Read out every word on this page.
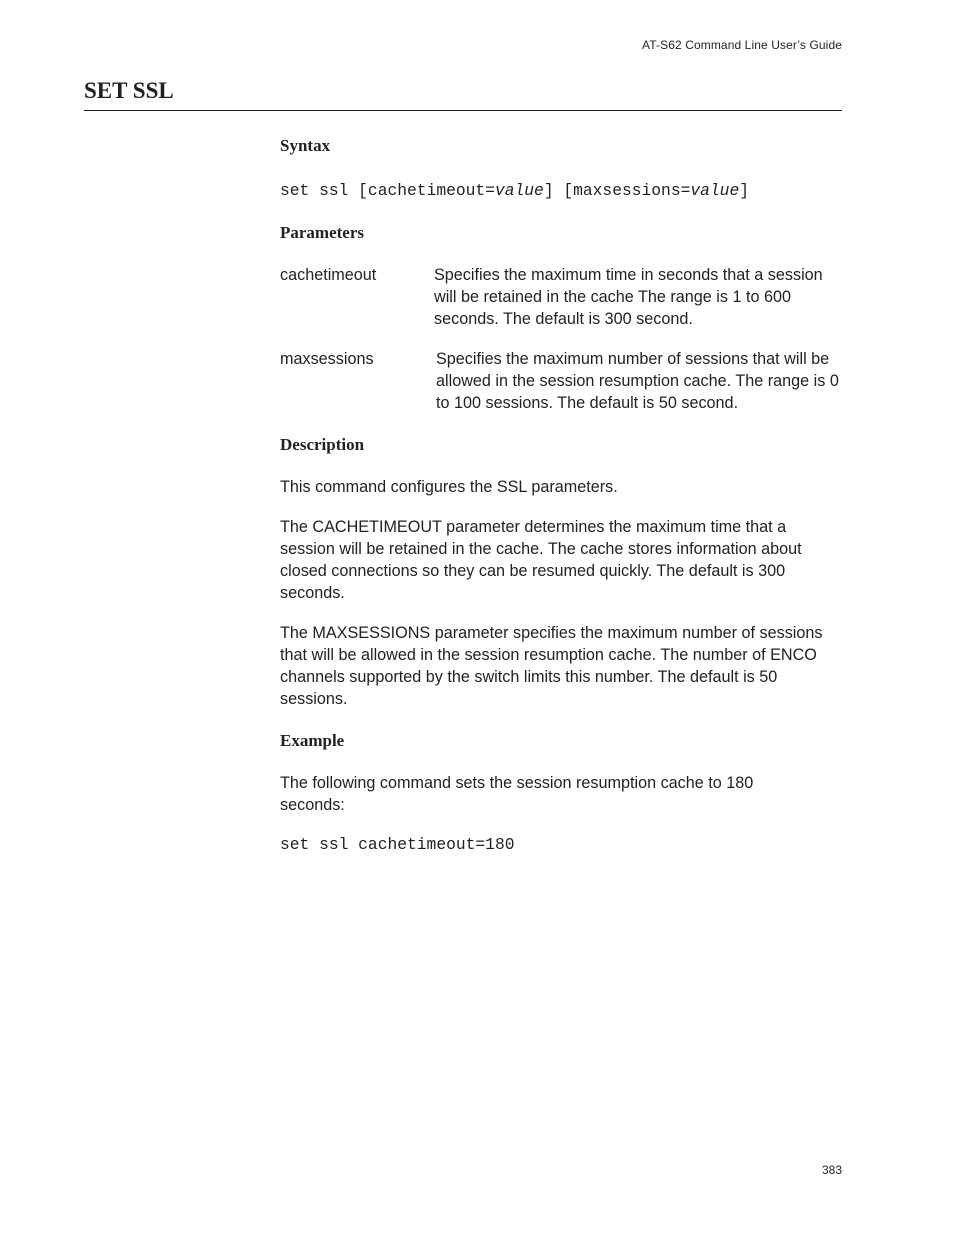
AT-S62 Command Line User’s Guide
SET SSL
Syntax

set ssl [cachetimeout=value] [maxsessions=value]

Parameters

cachetimeout	Specifies the maximum time in seconds that a session will be retained in the cache The range is 1 to 600 seconds. The default is 300 second.

maxsessions	Specifies the maximum number of sessions that will be allowed in the session resumption cache. The range is 0 to 100 sessions. The default is 50 second.

Description

This command configures the SSL parameters.

The CACHETIMEOUT parameter determines the maximum time that a session will be retained in the cache. The cache stores information about closed connections so they can be resumed quickly. The default is 300 seconds.

The MAXSESSIONS parameter specifies the maximum number of sessions that will be allowed in the session resumption cache. The number of ENCO channels supported by the switch limits this number. The default is 50 sessions.

Example

The following command sets the session resumption cache to 180 seconds:

set ssl cachetimeout=180

383
